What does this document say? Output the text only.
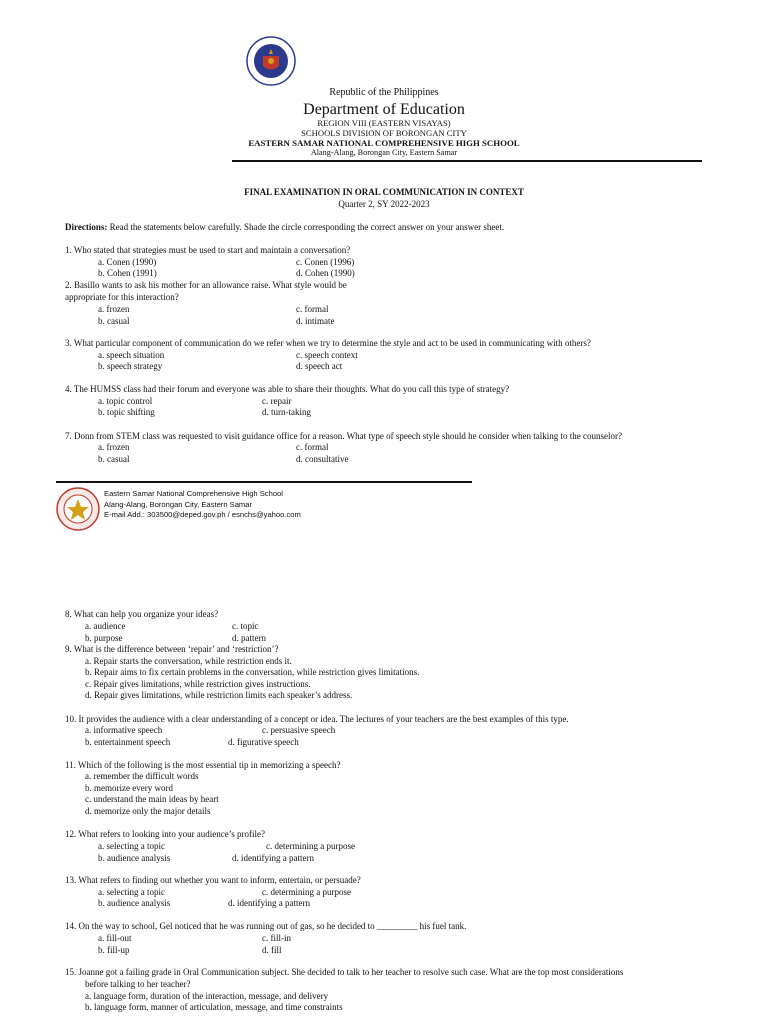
Republic of the Philippines
Department of Education
REGION VIII (EASTERN VISAYAS)
SCHOOLS DIVISION OF BORONGAN CITY
EASTERN SAMAR NATIONAL COMPREHENSIVE HIGH SCHOOL
Alang-Alang, Borongan City, Eastern Samar
FINAL EXAMINATION IN ORAL COMMUNICATION IN CONTEXT
Quarter 2, SY 2022-2023
Directions: Read the statements below carefully. Shade the circle corresponding the correct answer on your answer sheet.
1. Who stated that strategies must be used to start and maintain a conversation?
a. Conen (1990)	c. Conen (1996)
b. Cohen (1991)	d. Cohen (1990)
2. Basillo wants to ask his mother for an allowance raise. What style would be
appropriate for this interaction?
a. frozen	c. formal
b. casual	d. intimate
3. What particular component of communication do we refer when we try to determine the style and act to be used in communicating with others?
a. speech situation	c. speech context
b. speech strategy	d. speech act
4. The HUMSS class had their forum and everyone was able to share their thoughts. What do you call this type of strategy?
a. topic control	c. repair
b. topic shifting	d. turn-taking
7. Donn from STEM class was requested to visit guidance office for a reason. What type of speech style should he consider when talking to the counselor?
a. frozen	c. formal
b. casual	d. consultative
Eastern Samar National Comprehensive High School
Alang-Alang, Borongan City, Eastern Samar
E-mail Add.: 303500@deped.gov.ph / esnchs@yahoo.com
8. What can help you organize your ideas?
a. audience	c. topic
b. purpose	d. pattern
9. What is the difference between ‘repair’ and ‘restriction’?
a. Repair starts the conversation, while restriction ends it.
b. Repair aims to fix certain problems in the conversation, while restriction gives limitations.
c. Repair gives limitations, while restriction gives instructions.
d. Repair gives limitations, while restriction limits each speaker’s address.
10. It provides the audience with a clear understanding of a concept or idea. The lectures of your teachers are the best examples of this type.
a. informative speech	c. persuasive speech
b. entertainment speech	d. figurative speech
11. Which of the following is the most essential tip in memorizing a speech?
a. remember the difficult words
b. memorize every word
c. understand the main ideas by heart
d. memorize only the major details
12. What refers to looking into your audience’s profile?
a. selecting a topic	c. determining a purpose
b. audience analysis	d. identifying a pattern
13. What refers to finding out whether you want to inform, entertain, or persuade?
a. selecting a topic	c. determining a purpose
b. audience analysis	d. identifying a pattern
14. On the way to school, Gel noticed that he was running out of gas, so he decided to _________ his fuel tank.
a. fill-out	c. fill-in
b. fill-up	d. fill
15. Joanne got a failing grade in Oral Communication subject. She decided to talk to her teacher to resolve such case. What are the top most considerations
before talking to her teacher?
a. language form, duration of the interaction, message, and delivery
b. language form, manner of articulation, message, and time constraints
